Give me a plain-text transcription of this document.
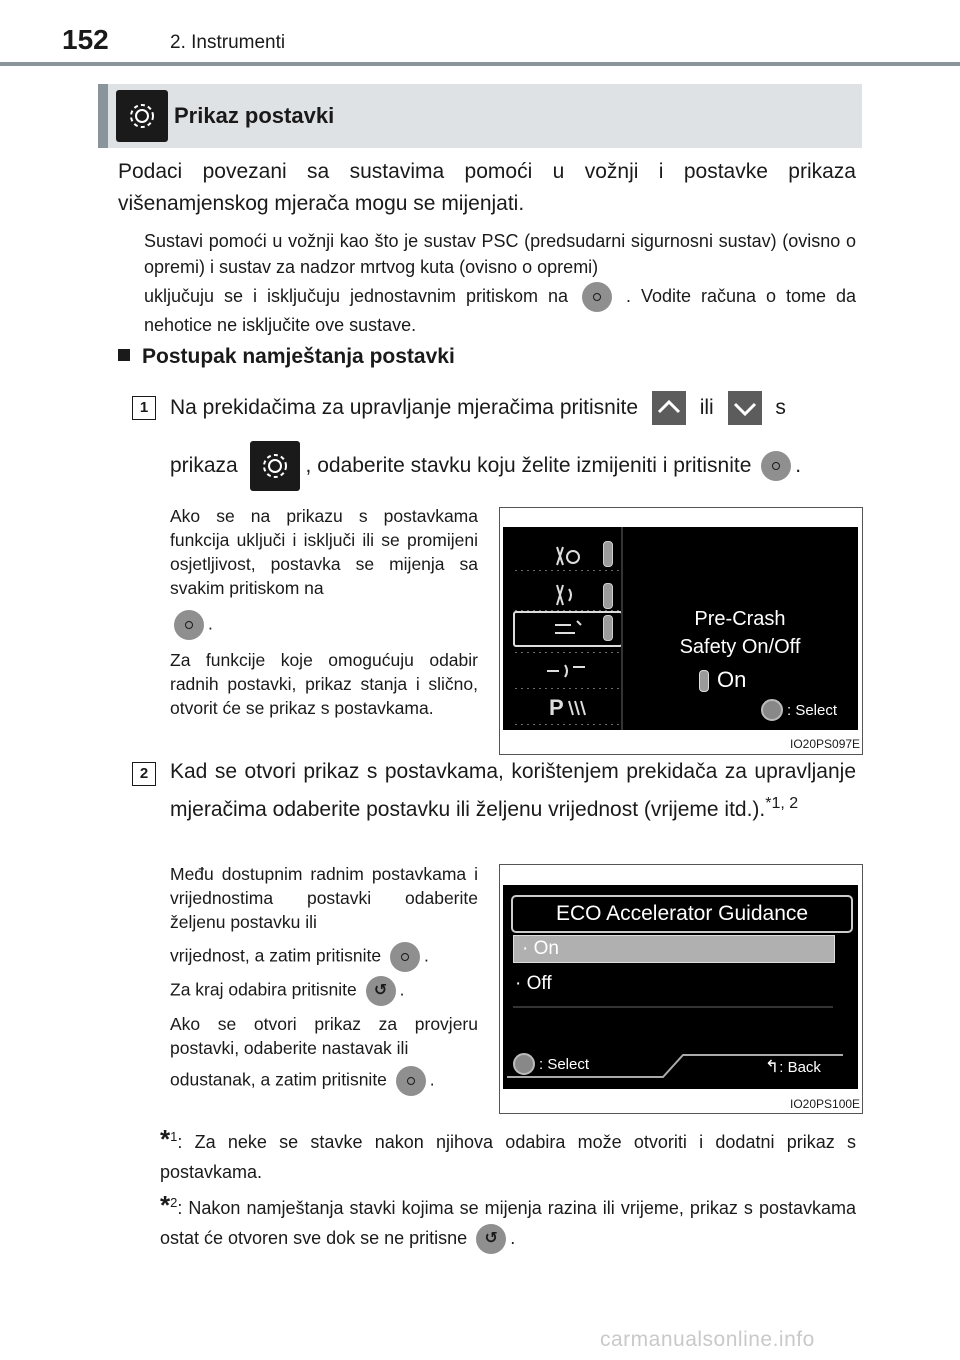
152	2. Instrumenti
Prikaz postavki
Podaci povezani sa sustavima pomoći u vožnji i postavke prikaza višenamjenskog mjerača mogu se mijenjati.
Sustavi pomoći u vožnji kao što je sustav PSC (predsudarni sigurnosni sustav) (ovisno o opremi) i sustav za nadzor mrtvog kuta (ovisno o opremi)
uključuju se i isključuju jednostavnim pritiskom na	. Vodite računa o tome da nehotice ne isključite ove sustave.
Postupak namještanja postavki
1	Na prekidačima za upravljanje mjeračima pritisnite	ili	s
prikaza	, odaberite stavku koju želite izmijeniti i pritisnite .
Ako se na prikazu s postavkama funkcija uključi i isključi ili se promijeni osjetljivost, postavka se mijenja sa svakim pritiskom na
.
Za funkcije koje omogućuju odabir radnih postavki, prikaz stanja i slično, otvorit će se prikaz s postavkama.	P
Pre-Crash
Safety On/Off
On
: Select
IO20PS097E
2	Kad se otvori prikaz s postavkama, korištenjem prekidača za upravljanje mjeračima odaberite postavku ili željenu vrijednost (vrijeme itd.).$^{*1, 2}$
Među dostupnim radnim postavkama i vrijednostima postavki odaberite željenu postavku ili
vrijednost, a zatim pritisnite .
Za kraj odabira pritisnite ↺ .
Ako se otvori prikaz za provjeru postavki, odaberite nastavak ili
odustanak, a zatim pritisnite .
ECO Accelerator Guidance
· On
· Off
: Select	↰: Back
IO20PS100E
*$^1$: Za neke se stavke nakon njihova odabira može otvoriti i dodatni prikaz s postavkama.
*$^2$: Nakon namještanja stavki kojima se mijenja razina ili vrijeme, prikaz s postavkama ostat će otvoren sve dok se ne pritisne ↺ .
carmanualsonline.info
